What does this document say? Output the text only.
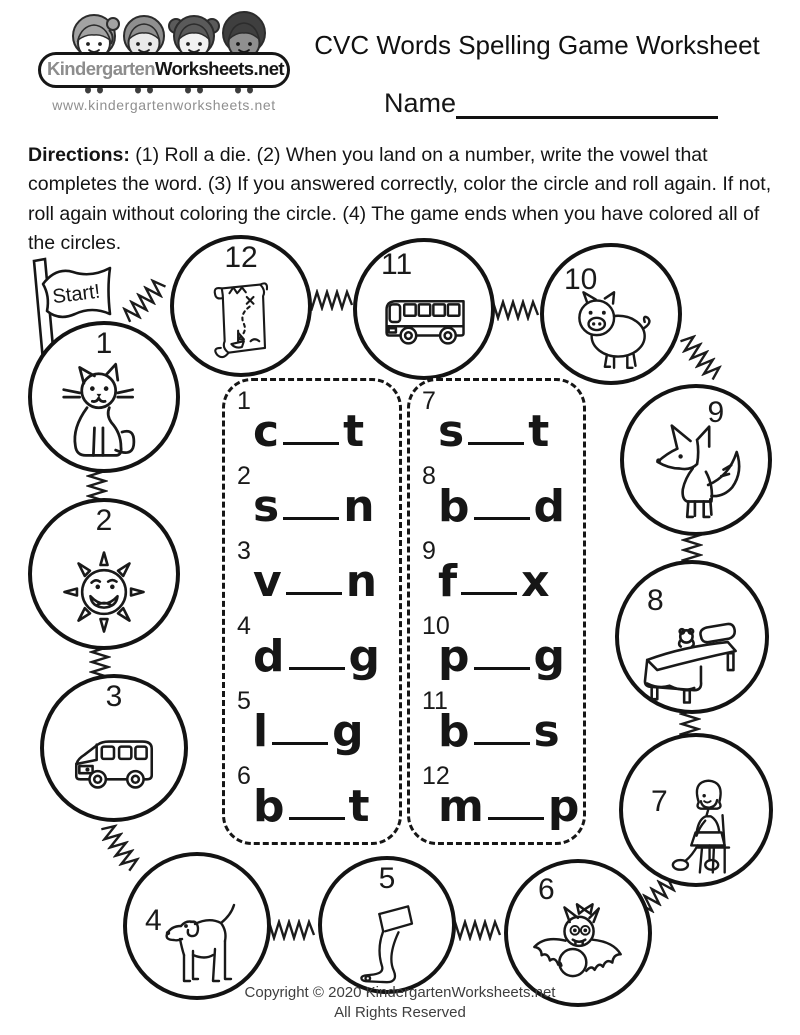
KindergartenWorksheets.net
www.kindergartenworksheets.net
CVC Words Spelling Game Worksheet
Name
Directions: (1) Roll a die. (2) When you land on a number, write the vowel that completes the word. (3) If you answered correctly, color the circle and roll again. If not, roll again without coloring the circle. (4) The game ends when you have colored all of the circles.
Start!
1
2
3
4
5	6
7
8
9
10
11
12
1
c t
2
s n
3
v n
4
d g
5
l g
6
b t
7
s t
8
b d
9
f x
10
p g
11
b s
12
m p
Copyright © 2020 KindergartenWorksheets.net
All Rights Reserved
